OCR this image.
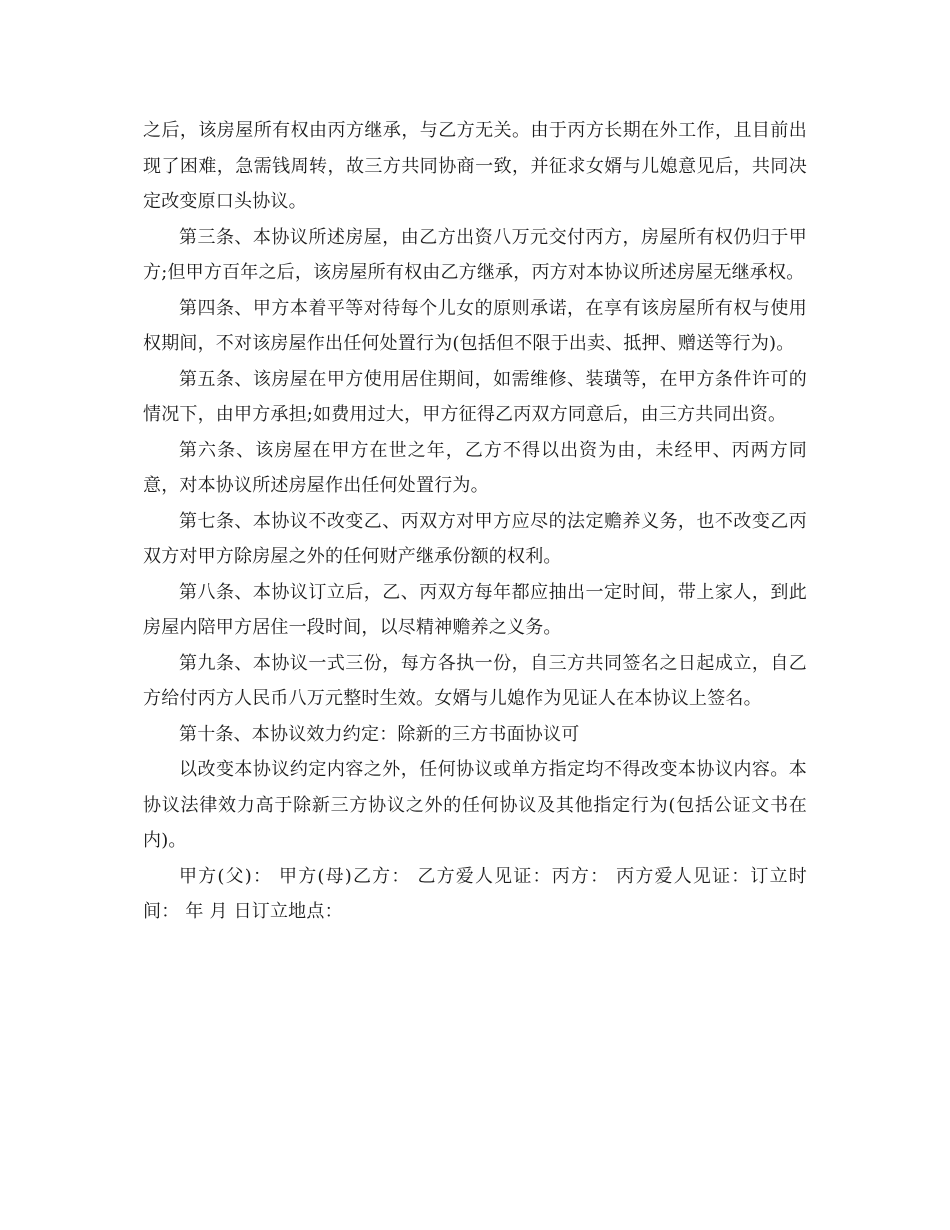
之后，该房屋所有权由丙方继承，与乙方无关。由于丙方长期在外工作，且目前出现了困难，急需钱周转，故三方共同协商一致，并征求女婿与儿媳意见后，共同决定改变原口头协议。

第三条、本协议所述房屋，由乙方出资八万元交付丙方，房屋所有权仍归于甲方;但甲方百年之后，该房屋所有权由乙方继承，丙方对本协议所述房屋无继承权。

第四条、甲方本着平等对待每个儿女的原则承诺，在享有该房屋所有权与使用权期间，不对该房屋作出任何处置行为(包括但不限于出卖、抵押、赠送等行为)。

第五条、该房屋在甲方使用居住期间，如需维修、装璜等，在甲方条件许可的情况下，由甲方承担;如费用过大，甲方征得乙丙双方同意后，由三方共同出资。

第六条、该房屋在甲方在世之年，乙方不得以出资为由，未经甲、丙两方同意，对本协议所述房屋作出任何处置行为。

第七条、本协议不改变乙、丙双方对甲方应尽的法定赡养义务，也不改变乙丙双方对甲方除房屋之外的任何财产继承份额的权利。

第八条、本协议订立后，乙、丙双方每年都应抽出一定时间，带上家人，到此房屋内陪甲方居住一段时间，以尽精神赡养之义务。

第九条、本协议一式三份，每方各执一份，自三方共同签名之日起成立，自乙方给付丙方人民币八万元整时生效。女婿与儿媳作为见证人在本协议上签名。

第十条、本协议效力约定：除新的三方书面协议可

以改变本协议约定内容之外，任何协议或单方指定均不得改变本协议内容。本协议法律效力高于除新三方协议之外的任何协议及其他指定行为(包括公证文书在内)。

甲方(父)： 甲方(母)乙方： 乙方爱人见证：丙方： 丙方爱人见证：订立时间： 年 月 日订立地点：
